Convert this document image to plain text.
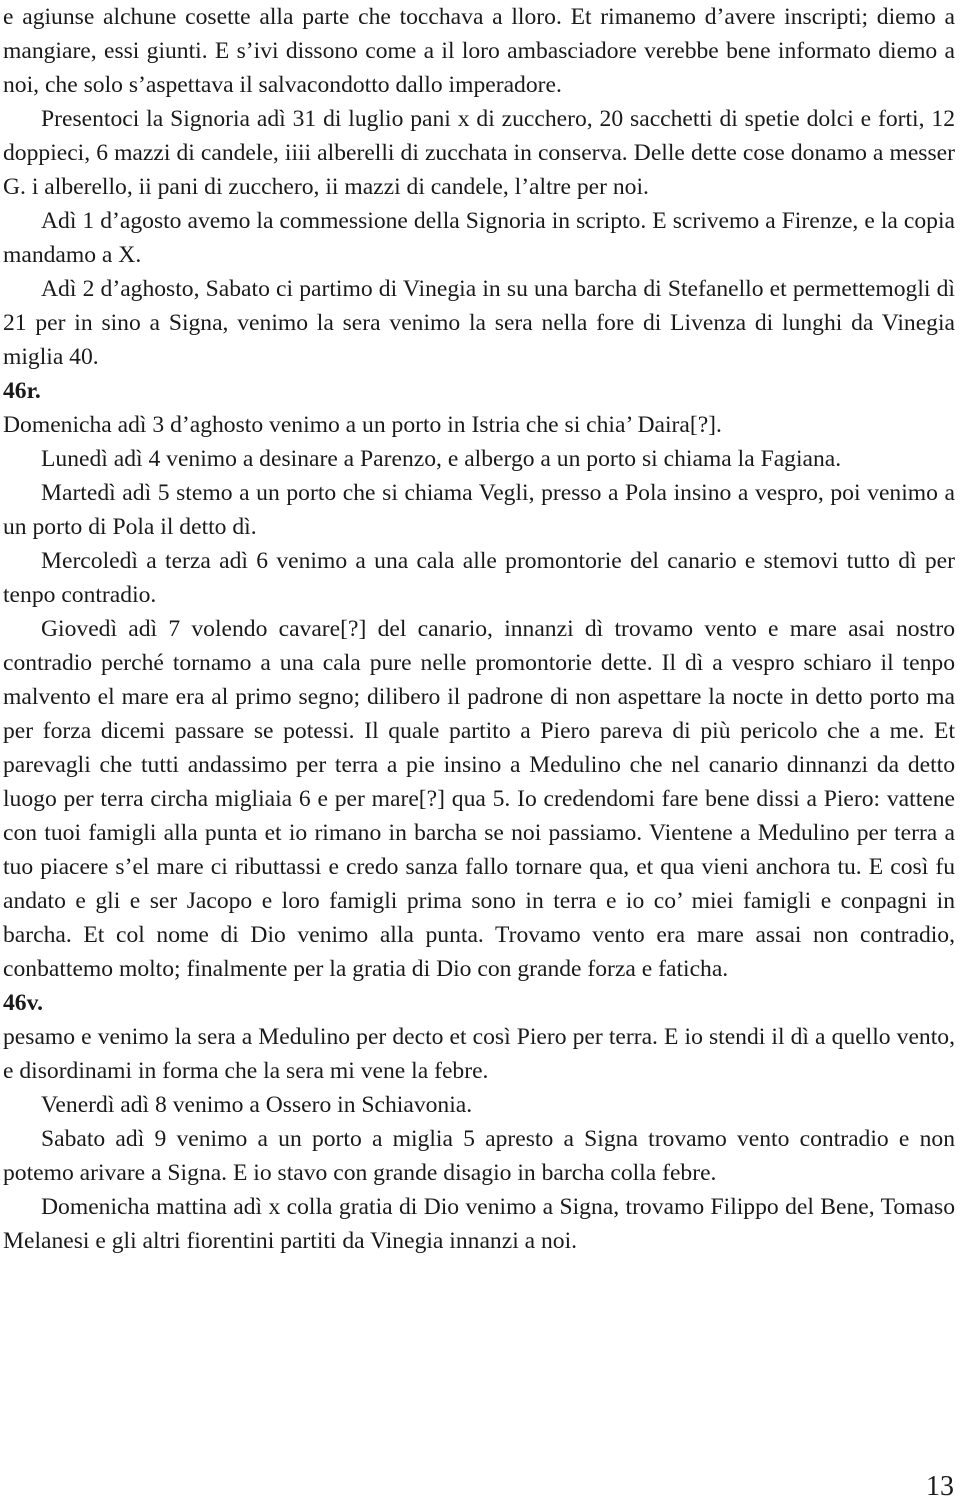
e agiunse alchune cosette alla parte che tocchava a lloro. Et rimanemo d’avere inscripti; diemo a mangiare, essi giunti. E s’ivi dissono come a il loro ambasciadore verebbe bene informato diemo a noi, che solo s’aspettava il salvacondotto dallo imperadore.

Presentoci la Signoria adì 31 di luglio pani x di zucchero, 20 sacchetti di spetie dolci e forti, 12 doppieci, 6 mazzi di candele, iiii alberelli di zucchata in conserva. Delle dette cose donamo a messer G. i alberello, ii pani di zucchero, ii mazzi di candele, l’altre per noi.

Adì 1 d’agosto avemo la commessione della Signoria in scripto. E scrivemo a Firenze, e la copia mandamo a X.

Adì 2 d’aghosto, Sabato ci partimo di Vinegia in su una barcha di Stefanello et permettemogli dì 21 per in sino a Signa, venimo la sera venimo la sera nella fore di Livenza di lunghi da Vinegia miglia 40.

46r.

Domenicha adì 3 d’aghosto venimo a un porto in Istria che si chia’ Daira[?].

Lunedì adì 4 venimo a desinare a Parenzo, e albergo a un porto si chiama la Fagiana.

Martedì adì 5 stemo a un porto che si chiama Vegli, presso a Pola insino a vespro, poi venimo a un porto di Pola il detto dì.

Mercoledì a terza adì 6 venimo a una cala alle promontorie del canario e stemovi tutto dì per tenpo contradio.

Giovedì adì 7 volendo cavare[?] del canario, innanzi dì trovamo vento e mare asai nostro contradio perché tornamo a una cala pure nelle promontorie dette. Il dì a vespro schiaro il tenpo malvento el mare era al primo segno; dilibero il padrone di non aspettare la nocte in detto porto ma per forza dicemi passare se potessi. Il quale partito a Piero pareva di più pericolo che a me. Et parevagli che tutti andassimo per terra a pie insino a Medulino che nel canario dinnanzi da detto luogo per terra circha migliaia 6 e per mare[?] qua 5. Io credendomi fare bene dissi a Piero: vattene con tuoi famigli alla punta et io rimano in barcha se noi passiamo. Vientene a Medulino per terra a tuo piacere s’el mare ci ributtassi e credo sanza fallo tornare qua, et qua vieni anchora tu. E così fu andato e gli e ser Jacopo e loro famigli prima sono in terra e io co’ miei famigli e conpagni in barcha. Et col nome di Dio venimo alla punta. Trovamo vento era mare assai non contradio, conbattemo molto; finalmente per la gratia di Dio con grande forza e faticha.

46v.

pesamo e venimo la sera a Medulino per decto et così Piero per terra. E io stendi il dì a quello vento, e disordinami in forma che la sera mi vene la febre.

Venerdì adì 8 venimo a Ossero in Schiavonia.

Sabato adì 9 venimo a un porto a miglia 5 apresto a Signa trovamo vento contradio e non potemo arivare a Signa. E io stavo con grande disagio in barcha colla febre.

Domenicha mattina adì x colla gratia di Dio venimo a Signa, trovamo Filippo del Bene, Tomaso Melanesi e gli altri fiorentini partiti da Vinegia innanzi a noi.

13
